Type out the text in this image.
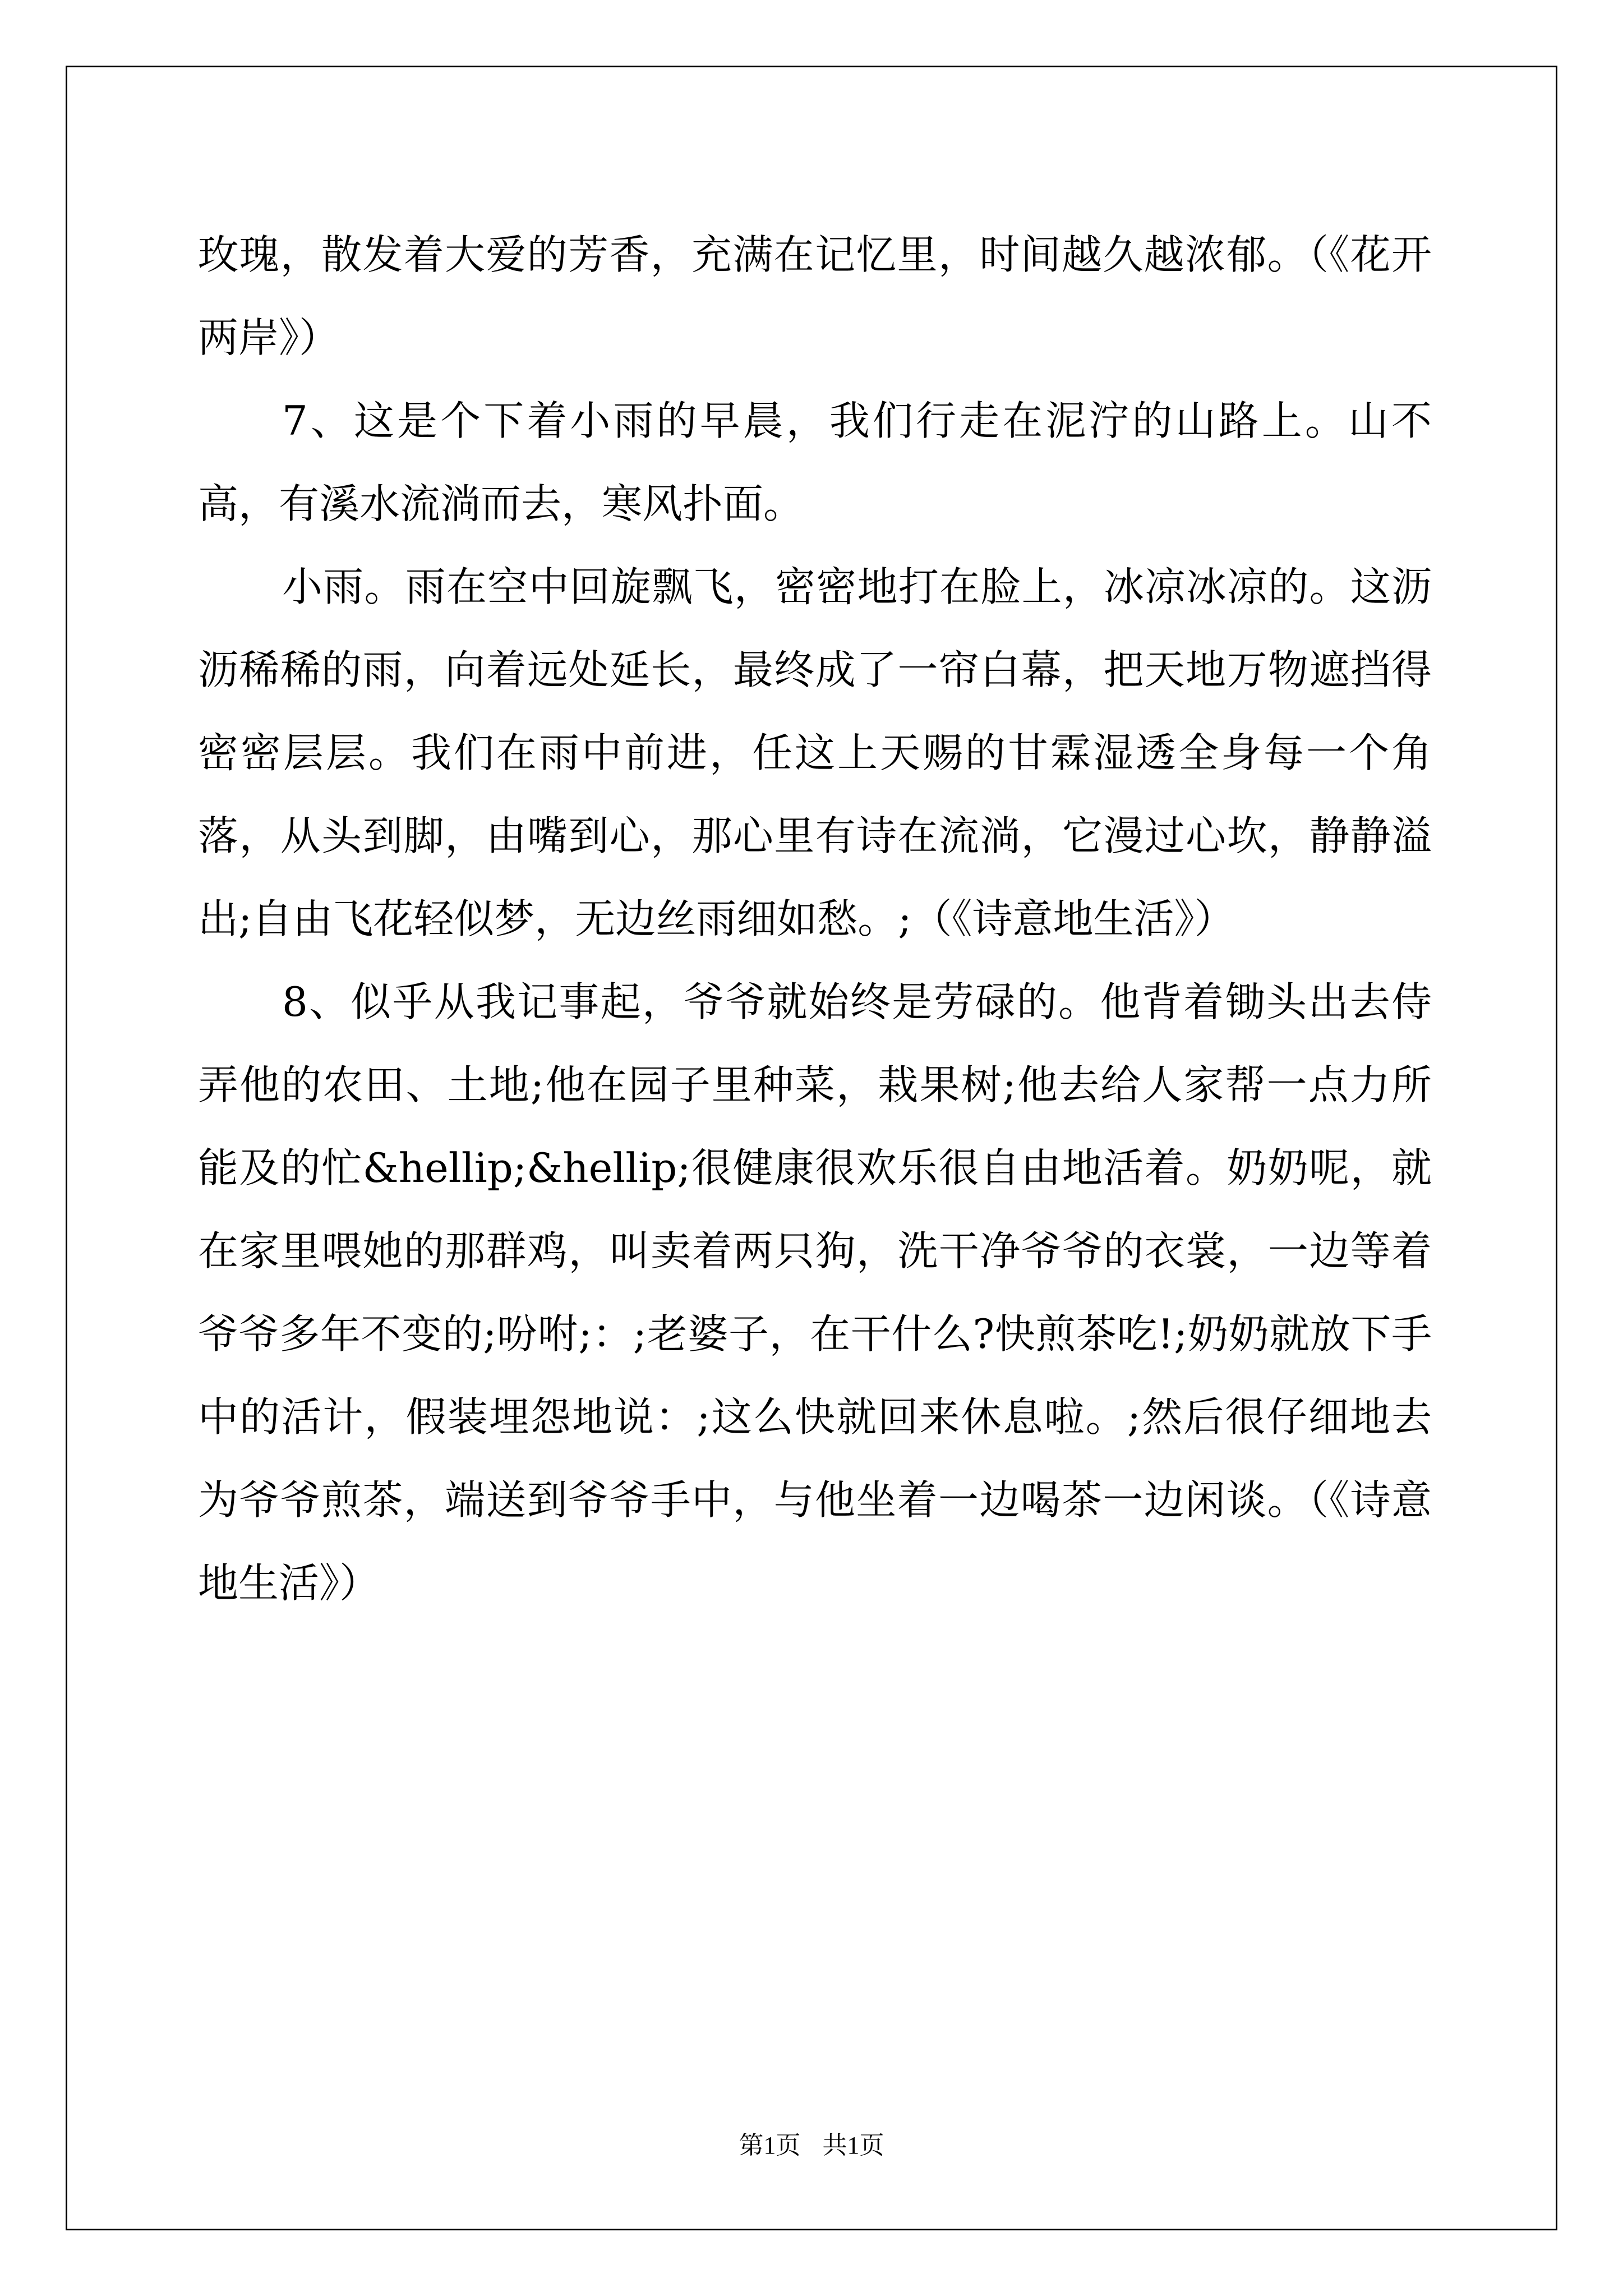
玫瑰，散发着大爱的芳香，充满在记忆里，时间越久越浓郁。（《花开两岸》）

7、这是个下着小雨的早晨，我们行走在泥泞的山路上。山不高，有溪水流淌而去，寒风扑面。

小雨。雨在空中回旋飘飞，密密地打在脸上，冰凉冰凉的。这沥沥稀稀的雨，向着远处延长，最终成了一帘白幕，把天地万物遮挡得密密层层。我们在雨中前进，任这上天赐的甘霖湿透全身每一个角落，从头到脚，由嘴到心，那心里有诗在流淌，它漫过心坎，静静溢出;自由飞花轻似梦，无边丝雨细如愁。;（《诗意地生活》）

8、似乎从我记事起，爷爷就始终是劳碌的。他背着锄头出去侍弄他的农田、土地;他在园子里种菜，栽果树;他去给人家帮一点力所能及的忙&hellip;&hellip;很健康很欢乐很自由地活着。奶奶呢，就在家里喂她的那群鸡，叫卖着两只狗，洗干净爷爷的衣裳，一边等着爷爷多年不变的;吩咐;：;老婆子，在干什么?快煎茶吃!;奶奶就放下手中的活计，假装埋怨地说：;这么快就回来休息啦。;然后很仔细地去为爷爷煎茶，端送到爷爷手中，与他坐着一边喝茶一边闲谈。（《诗意地生活》）

第1页 共1页
